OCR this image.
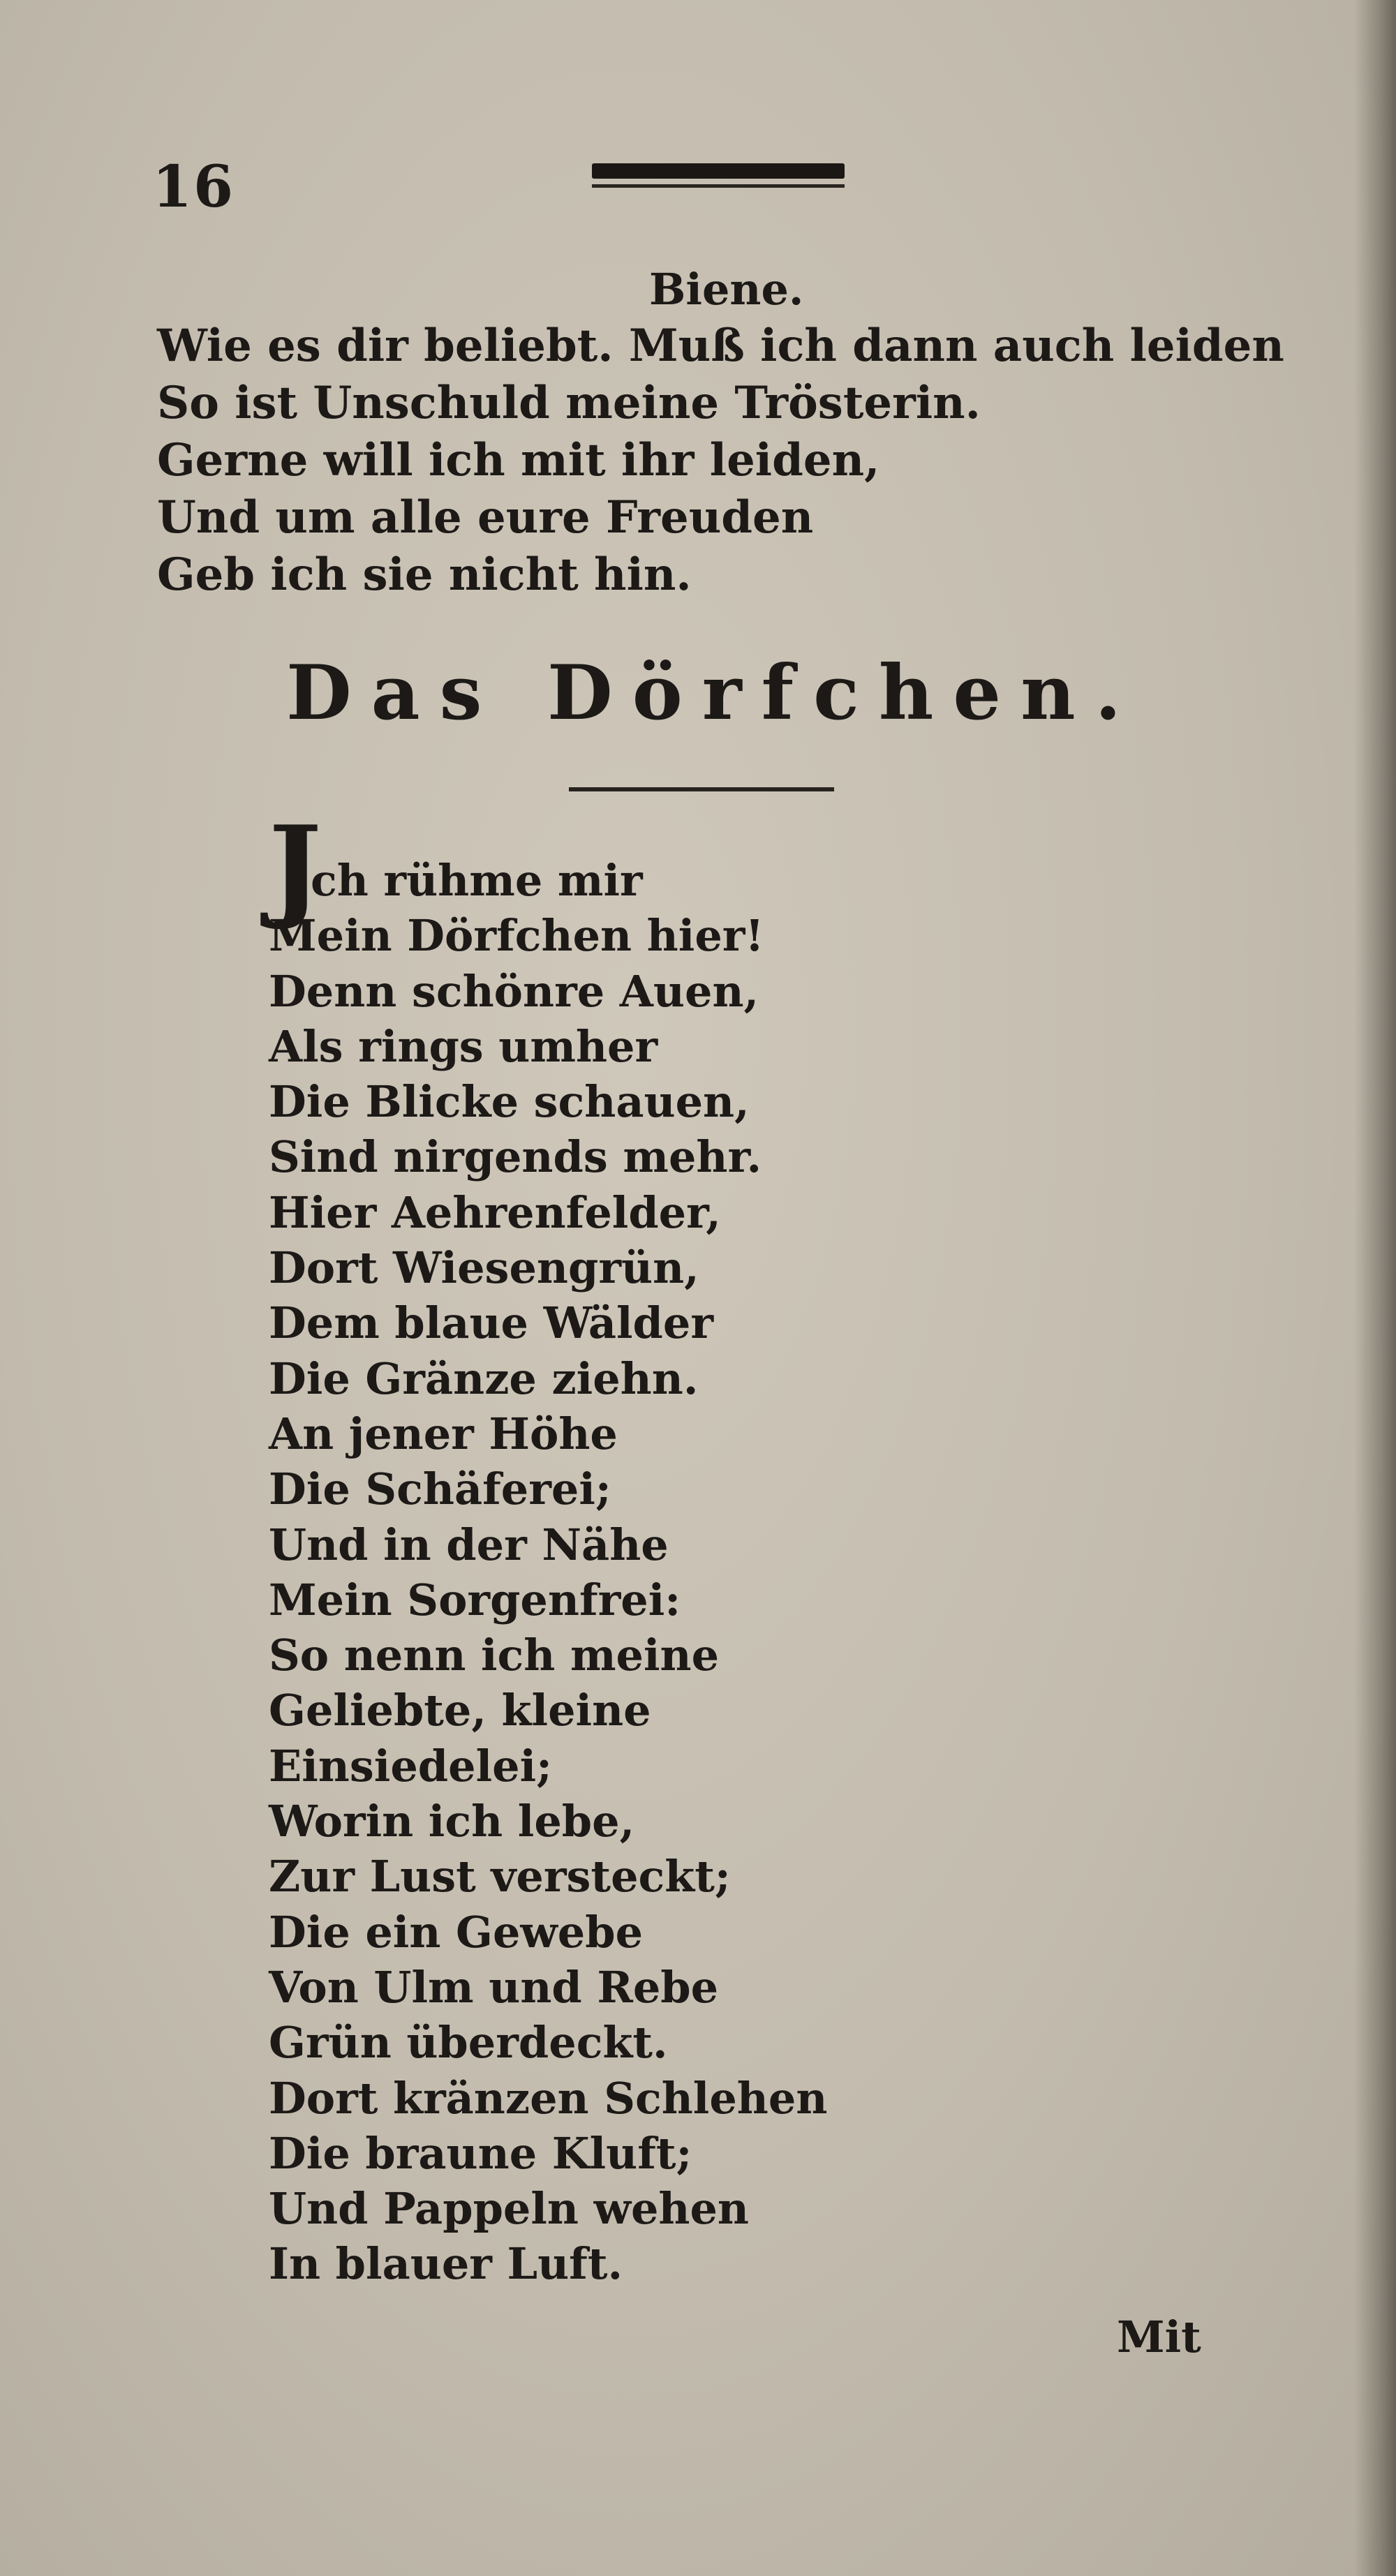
16
Biene.
Wie es dir beliebt. Muß ich dann auch leiden
So ist Unschuld meine Trösterin.
Gerne will ich mit ihr leiden,
Und um alle eure Freuden
Geb ich sie nicht hin.
Das Dörfchen.
J
ch rühme mir
Mein Dörfchen hier!
Denn schönre Auen,
Als rings umher
Die Blicke schauen,
Sind nirgends mehr.
Hier Aehrenfelder,
Dort Wiesengrün,
Dem blaue Wälder
Die Gränze ziehn.
An jener Höhe
Die Schäferei;
Und in der Nähe
Mein Sorgenfrei:
So nenn ich meine
Geliebte, kleine
Einsiedelei;
Worin ich lebe,
Zur Lust versteckt;
Die ein Gewebe
Von Ulm und Rebe
Grün überdeckt.
Dort kränzen Schlehen
Die braune Kluft;
Und Pappeln wehen
In blauer Luft.
Mit
